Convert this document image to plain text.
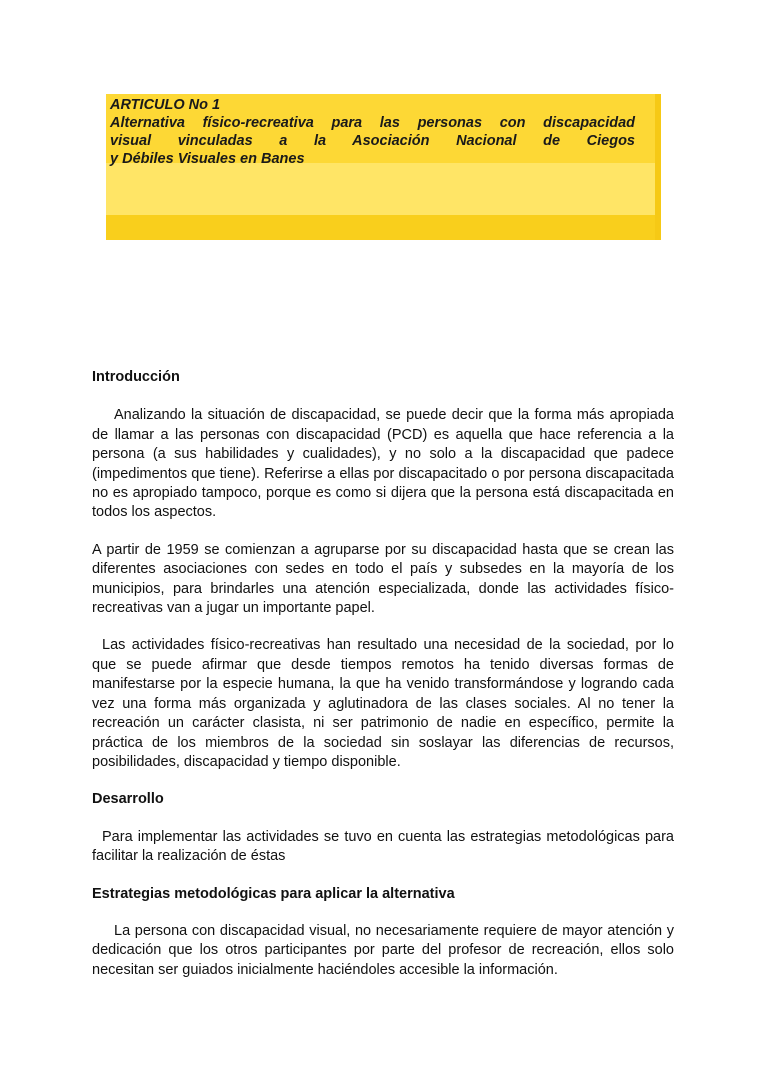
ARTICULO No 1
Alternativa físico-recreativa para las personas con discapacidad
visual vinculadas a la Asociación Nacional de Ciegos
y Débiles Visuales en Banes
Introducción

Analizando la situación de discapacidad, se puede decir que la forma más apropiada de llamar a las personas con discapacidad (PCD) es aquella que hace referencia a la persona (a sus habilidades y cualidades), y no solo a la discapacidad que padece (impedimentos que tiene). Referirse a ellas por discapacitado o por persona discapacitada no es apropiado tampoco, porque es como si dijera que la persona está discapacitada en todos los aspectos.

A partir de 1959 se comienzan a agruparse por su discapacidad hasta que se crean las diferentes asociaciones con sedes en todo el país y subsedes en la mayoría de los municipios, para brindarles una atención especializada, donde las actividades físico-recreativas van a jugar un importante papel.

Las actividades físico-recreativas han resultado una necesidad de la sociedad, por lo que se puede afirmar que desde tiempos remotos ha tenido diversas formas de manifestarse por la especie humana, la que ha venido transformándose y logrando cada vez una forma más organizada y aglutinadora de las clases sociales. Al no tener la recreación un carácter clasista, ni ser patrimonio de nadie en específico, permite la práctica de los miembros de la sociedad sin soslayar las diferencias de recursos, posibilidades, discapacidad y tiempo disponible.

Desarrollo

Para implementar las actividades se tuvo en cuenta las estrategias metodológicas para facilitar la realización de éstas

Estrategias metodológicas para aplicar la alternativa

La persona con discapacidad visual, no necesariamente requiere de mayor atención y dedicación que los otros participantes por parte del profesor de recreación, ellos solo necesitan ser guiados inicialmente haciéndoles accesible la información.
